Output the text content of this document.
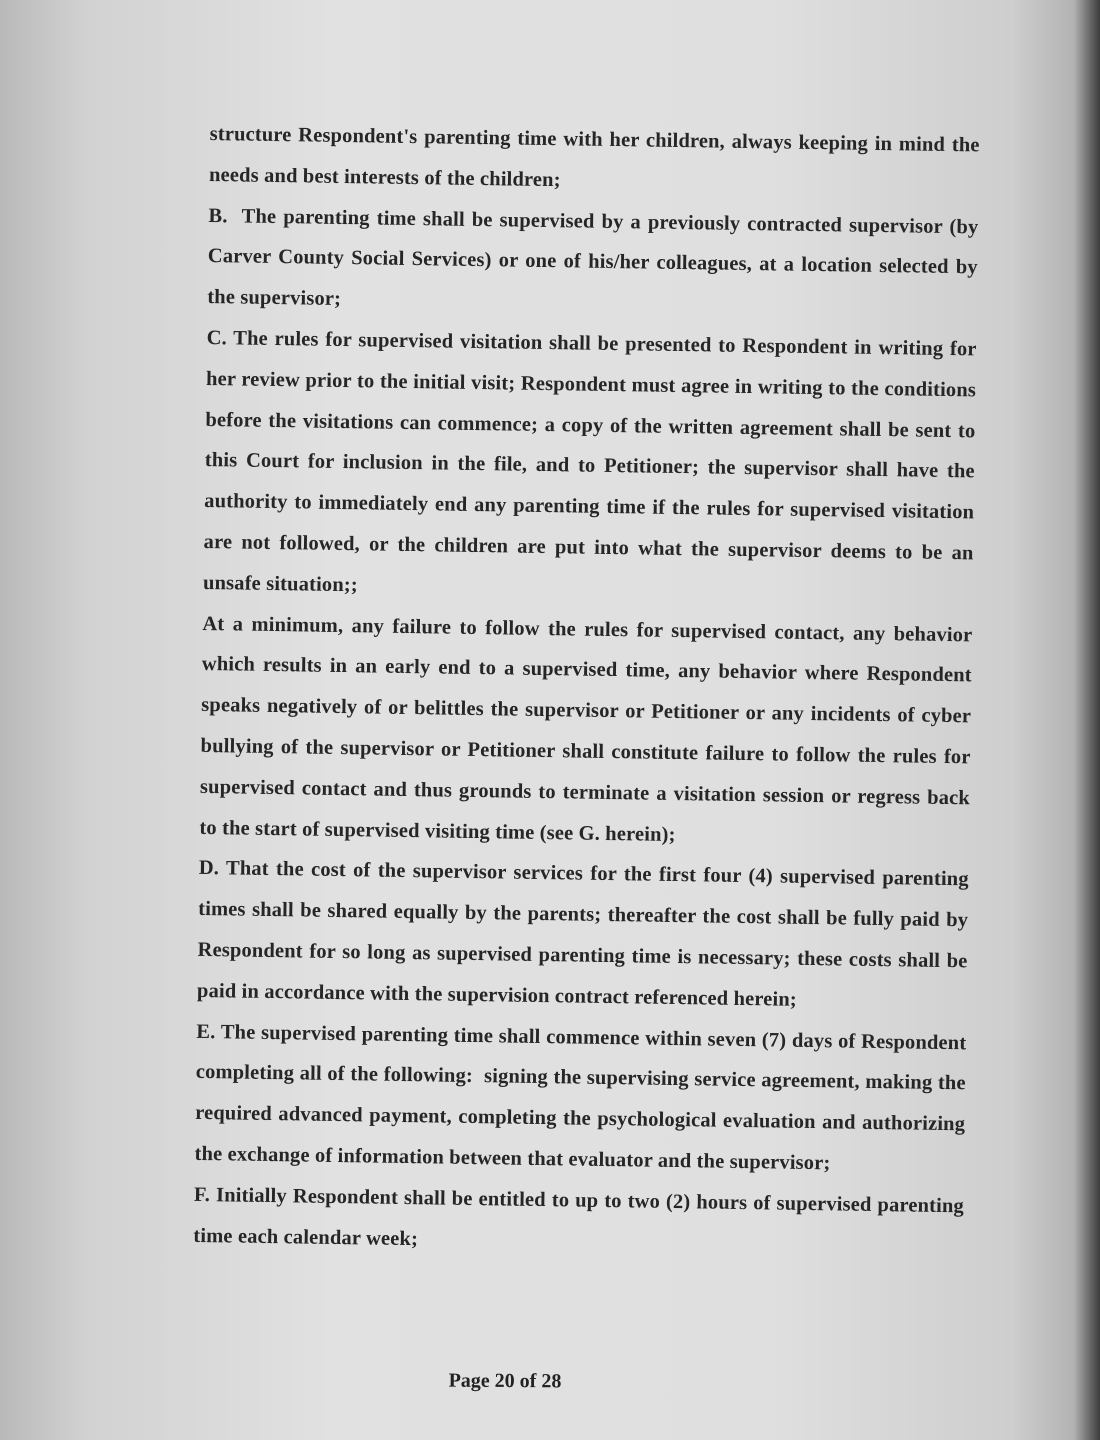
structure Respondent's parenting time with her children, always keeping in mind the needs and best interests of the children;

B.  The parenting time shall be supervised by a previously contracted supervisor (by Carver County Social Services) or one of his/her colleagues, at a location selected by the supervisor;

C. The rules for supervised visitation shall be presented to Respondent in writing for her review prior to the initial visit; Respondent must agree in writing to the conditions before the visitations can commence; a copy of the written agreement shall be sent to this Court for inclusion in the file, and to Petitioner; the supervisor shall have the authority to immediately end any parenting time if the rules for supervised visitation are not followed, or the children are put into what the supervisor deems to be an unsafe situation;;

At a minimum, any failure to follow the rules for supervised contact, any behavior which results in an early end to a supervised time, any behavior where Respondent speaks negatively of or belittles the supervisor or Petitioner or any incidents of cyber bullying of the supervisor or Petitioner shall constitute failure to follow the rules for supervised contact and thus grounds to terminate a visitation session or regress back to the start of supervised visiting time (see G. herein);

D. That the cost of the supervisor services for the first four (4) supervised parenting times shall be shared equally by the parents; thereafter the cost shall be fully paid by Respondent for so long as supervised parenting time is necessary; these costs shall be paid in accordance with the supervision contract referenced herein;

E. The supervised parenting time shall commence within seven (7) days of Respondent completing all of the following:  signing the supervising service agreement, making the required advanced payment, completing the psychological evaluation and authorizing the exchange of information between that evaluator and the supervisor;

F. Initially Respondent shall be entitled to up to two (2) hours of supervised parenting time each calendar week;

Page 20 of 28
